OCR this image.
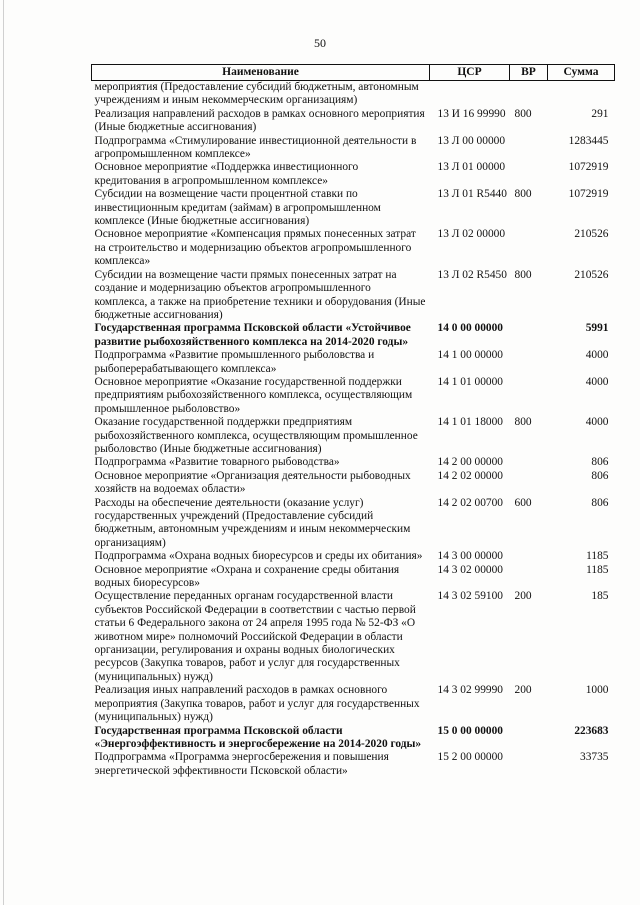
50
Наименование	ЦСР	ВР	Сумма
мероприятия (Предоставление субсидий бюджетным, автономным учреждениям и иным некоммерческим организациям)			
Реализация направлений расходов в рамках основного мероприятия (Иные бюджетные ассигнования)	13 И 16 99990	800	291
Подпрограмма «Стимулирование инвестиционной деятельности в агропромышленном комплексе»	13 Л 00 00000		1283445
Основное мероприятие «Поддержка инвестиционного кредитования в агропромышленном комплексе»	13 Л 01 00000		1072919
Субсидии на возмещение части процентной ставки по инвестиционным кредитам (займам) в агропромышленном комплексе (Иные бюджетные ассигнования)	13 Л 01 R5440	800	1072919
Основное мероприятие «Компенсация прямых понесенных затрат на строительство и модернизацию объектов агропромышленного комплекса»	13 Л 02 00000		210526
Субсидии на возмещение части прямых понесенных затрат на создание и модернизацию объектов агропромышленного комплекса, а также на приобретение техники и оборудования (Иные бюджетные ассигнования)	13 Л 02 R5450	800	210526
Государственная программа Псковской области «Устойчивое развитие рыбохозяйственного комплекса на 2014-2020 годы»	14 0 00 00000		5991
Подпрограмма «Развитие промышленного рыболовства и рыбоперерабатывающего комплекса»	14 1 00 00000		4000
Основное мероприятие «Оказание государственной поддержки предприятиям рыбохозяйственного комплекса, осуществляющим промышленное рыболовство»	14 1 01 00000		4000
Оказание государственной поддержки предприятиям рыбохозяйственного комплекса, осуществляющим промышленное рыболовство (Иные бюджетные ассигнования)	14 1 01 18000	800	4000
Подпрограмма «Развитие товарного рыбоводства»	14 2 00 00000		806
Основное мероприятие «Организация деятельности рыбоводных хозяйств на водоемах области»	14 2 02 00000		806
Расходы на обеспечение деятельности (оказание услуг) государственных учреждений (Предоставление субсидий бюджетным, автономным учреждениям и иным некоммерческим организациям)	14 2 02 00700	600	806
Подпрограмма «Охрана водных биоресурсов и среды их обитания»	14 3 00 00000		1185
Основное мероприятие «Охрана и сохранение среды обитания водных биоресурсов»	14 3 02 00000		1185
Осуществление переданных органам государственной власти субъектов Российской Федерации в соответствии с частью первой статьи 6 Федерального закона от 24 апреля 1995 года № 52-ФЗ «О животном мире» полномочий Российской Федерации в области организации, регулирования и охраны водных биологических ресурсов (Закупка товаров, работ и услуг для государственных (муниципальных) нужд)	14 3 02 59100	200	185
Реализация иных направлений расходов в рамках основного мероприятия (Закупка товаров, работ и услуг для государственных (муниципальных) нужд)	14 3 02 99990	200	1000
Государственная программа Псковской области «Энергоэффективность и энергосбережение на 2014-2020 годы»	15 0 00 00000		223683
Подпрограмма «Программа энергосбережения и повышения энергетической эффективности Псковской области»	15 2 00 00000		33735
